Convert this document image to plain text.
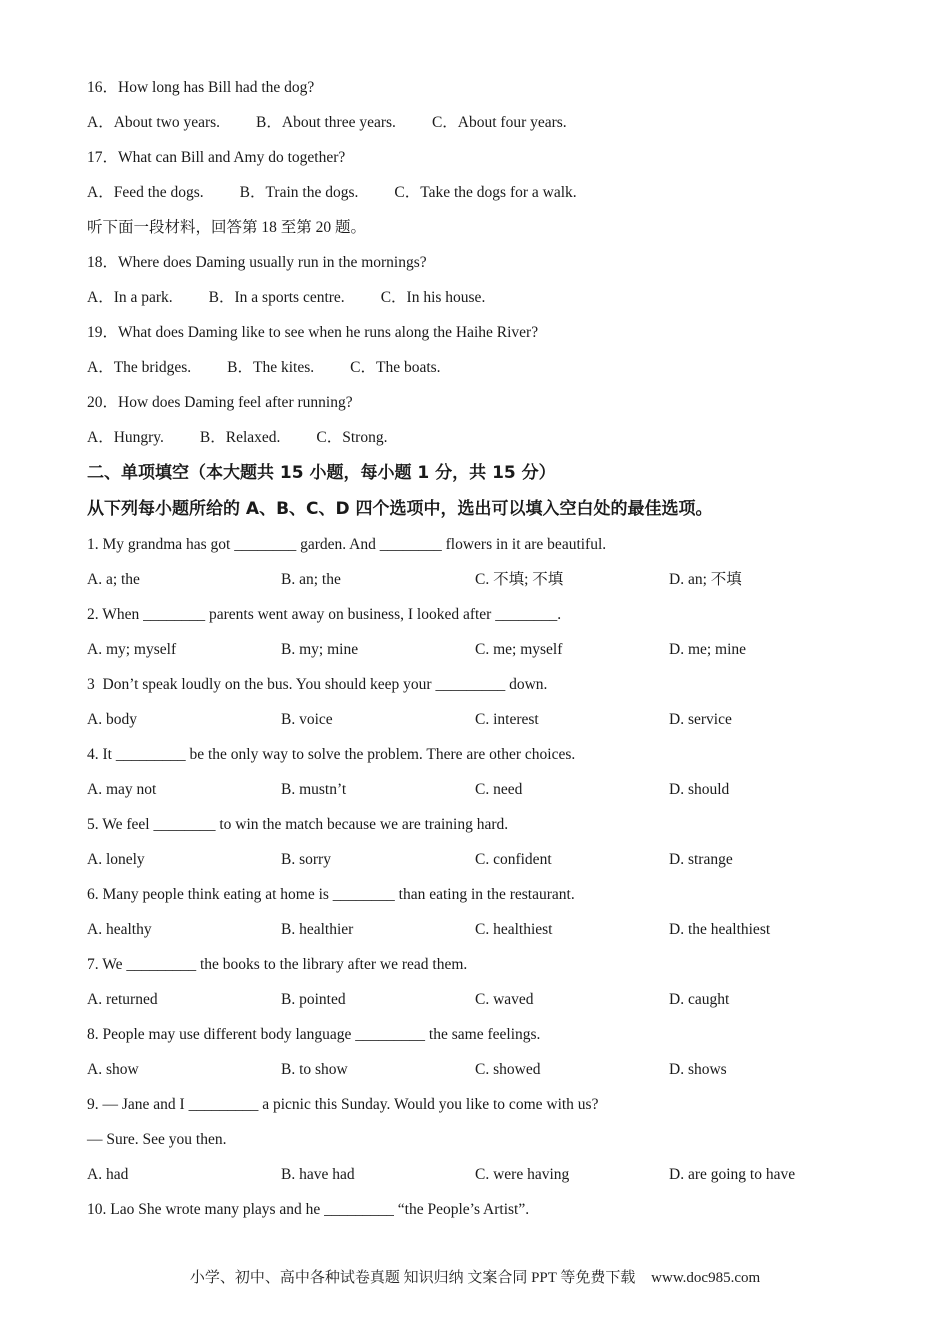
16．How long has Bill had the dog?
A．About two years. B．About three years. C．About four years.
17．What can Bill and Amy do together?
A．Feed the dogs. B．Train the dogs. C．Take the dogs for a walk.
听下面一段材料，回答第 18 至第 20 题。
18．Where does Daming usually run in the mornings?
A．In a park. B．In a sports centre. C．In his house.
19．What does Daming like to see when he runs along the Haihe River?
A．The bridges. B．The kites. C．The boats.
20．How does Daming feel after running?
A．Hungry. B．Relaxed. C．Strong.
二、单项填空（本大题共 15 小题，每小题 1 分，共 15 分）
从下列每小题所给的 A、B、C、D 四个选项中，选出可以填入空白处的最佳选项。
1. My grandma has got ________ garden. And ________ flowers in it are beautiful.
A. a; the	B. an; the	C. 不填; 不填	D. an; 不填
2. When ________ parents went away on business, I looked after ________.
A. my; myself	B. my; mine	C. me; myself	D. me; mine
3  Don’t speak loudly on the bus. You should keep your _________ down.
A. body	B. voice	C. interest	D. service
4. It _________ be the only way to solve the problem. There are other choices.
A. may not	B. mustn’t	C. need	D. should
5. We feel ________ to win the match because we are training hard.
A. lonely	B. sorry	C. confident	D. strange
6. Many people think eating at home is ________ than eating in the restaurant.
A. healthy	B. healthier	C. healthiest	D. the healthiest
7. We _________ the books to the library after we read them.
A. returned	B. pointed	C. waved	D. caught
8. People may use different body language _________ the same feelings.
A. show	B. to show	C. showed	D. shows
9. — Jane and I _________ a picnic this Sunday. Would you like to come with us?
— Sure. See you then.
A. had	B. have had	C. were having	D. are going to have
10. Lao She wrote many plays and he _________ “the People’s Artist”.
小学、初中、高中各种试卷真题 知识归纳 文案合同 PPT 等免费下载 www.doc985.com
